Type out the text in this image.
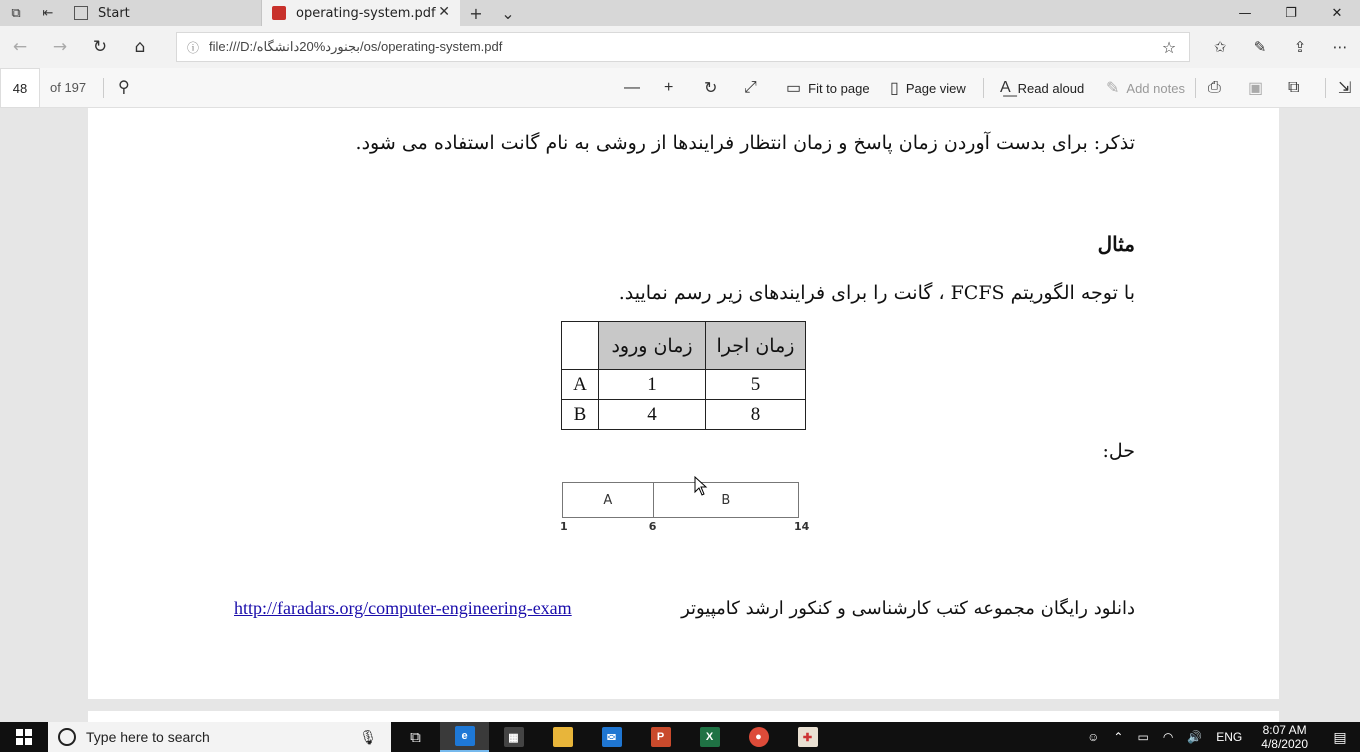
⧉	⇤	Start	operating-system.pdf ✕	+	⌄	—	❐	✕
←	→	↻	⌂	ⓘ file:///D:/بجنورد%20دانشگاه/os/operating-system.pdf	☆	✩	✎	⇪	⋯
48	of 197 ⚲	— + ↻ ⤢ ▭ Fit to page ▯ Page view A͟ Read aloud ✎ Add notes ⎙ ▣ ⧉ ⇲
تذکر: برای بدست آوردن زمان پاسخ و زمان انتظار فرایندها از روشی به نام گانت استفاده می شود.
مثال
با توجه الگوریتم FCFS ، گانت را برای فرایندهای زیر رسم نمایید.
	زمان ورود	زمان اجرا
A	1	5
B	4	8
حل:
A	B
1	6	14
دانلود رایگان مجموعه کتب کارشناسی و کنکور ارشد کامپیوتر
http://faradars.org/computer-engineering-exam
Type here to search	🎙	⧉	e	▦	✉	P	X	●	✚	☺	⌃	▭	◠	🔊	ENG	8:07 AM
4/8/2020	▤
